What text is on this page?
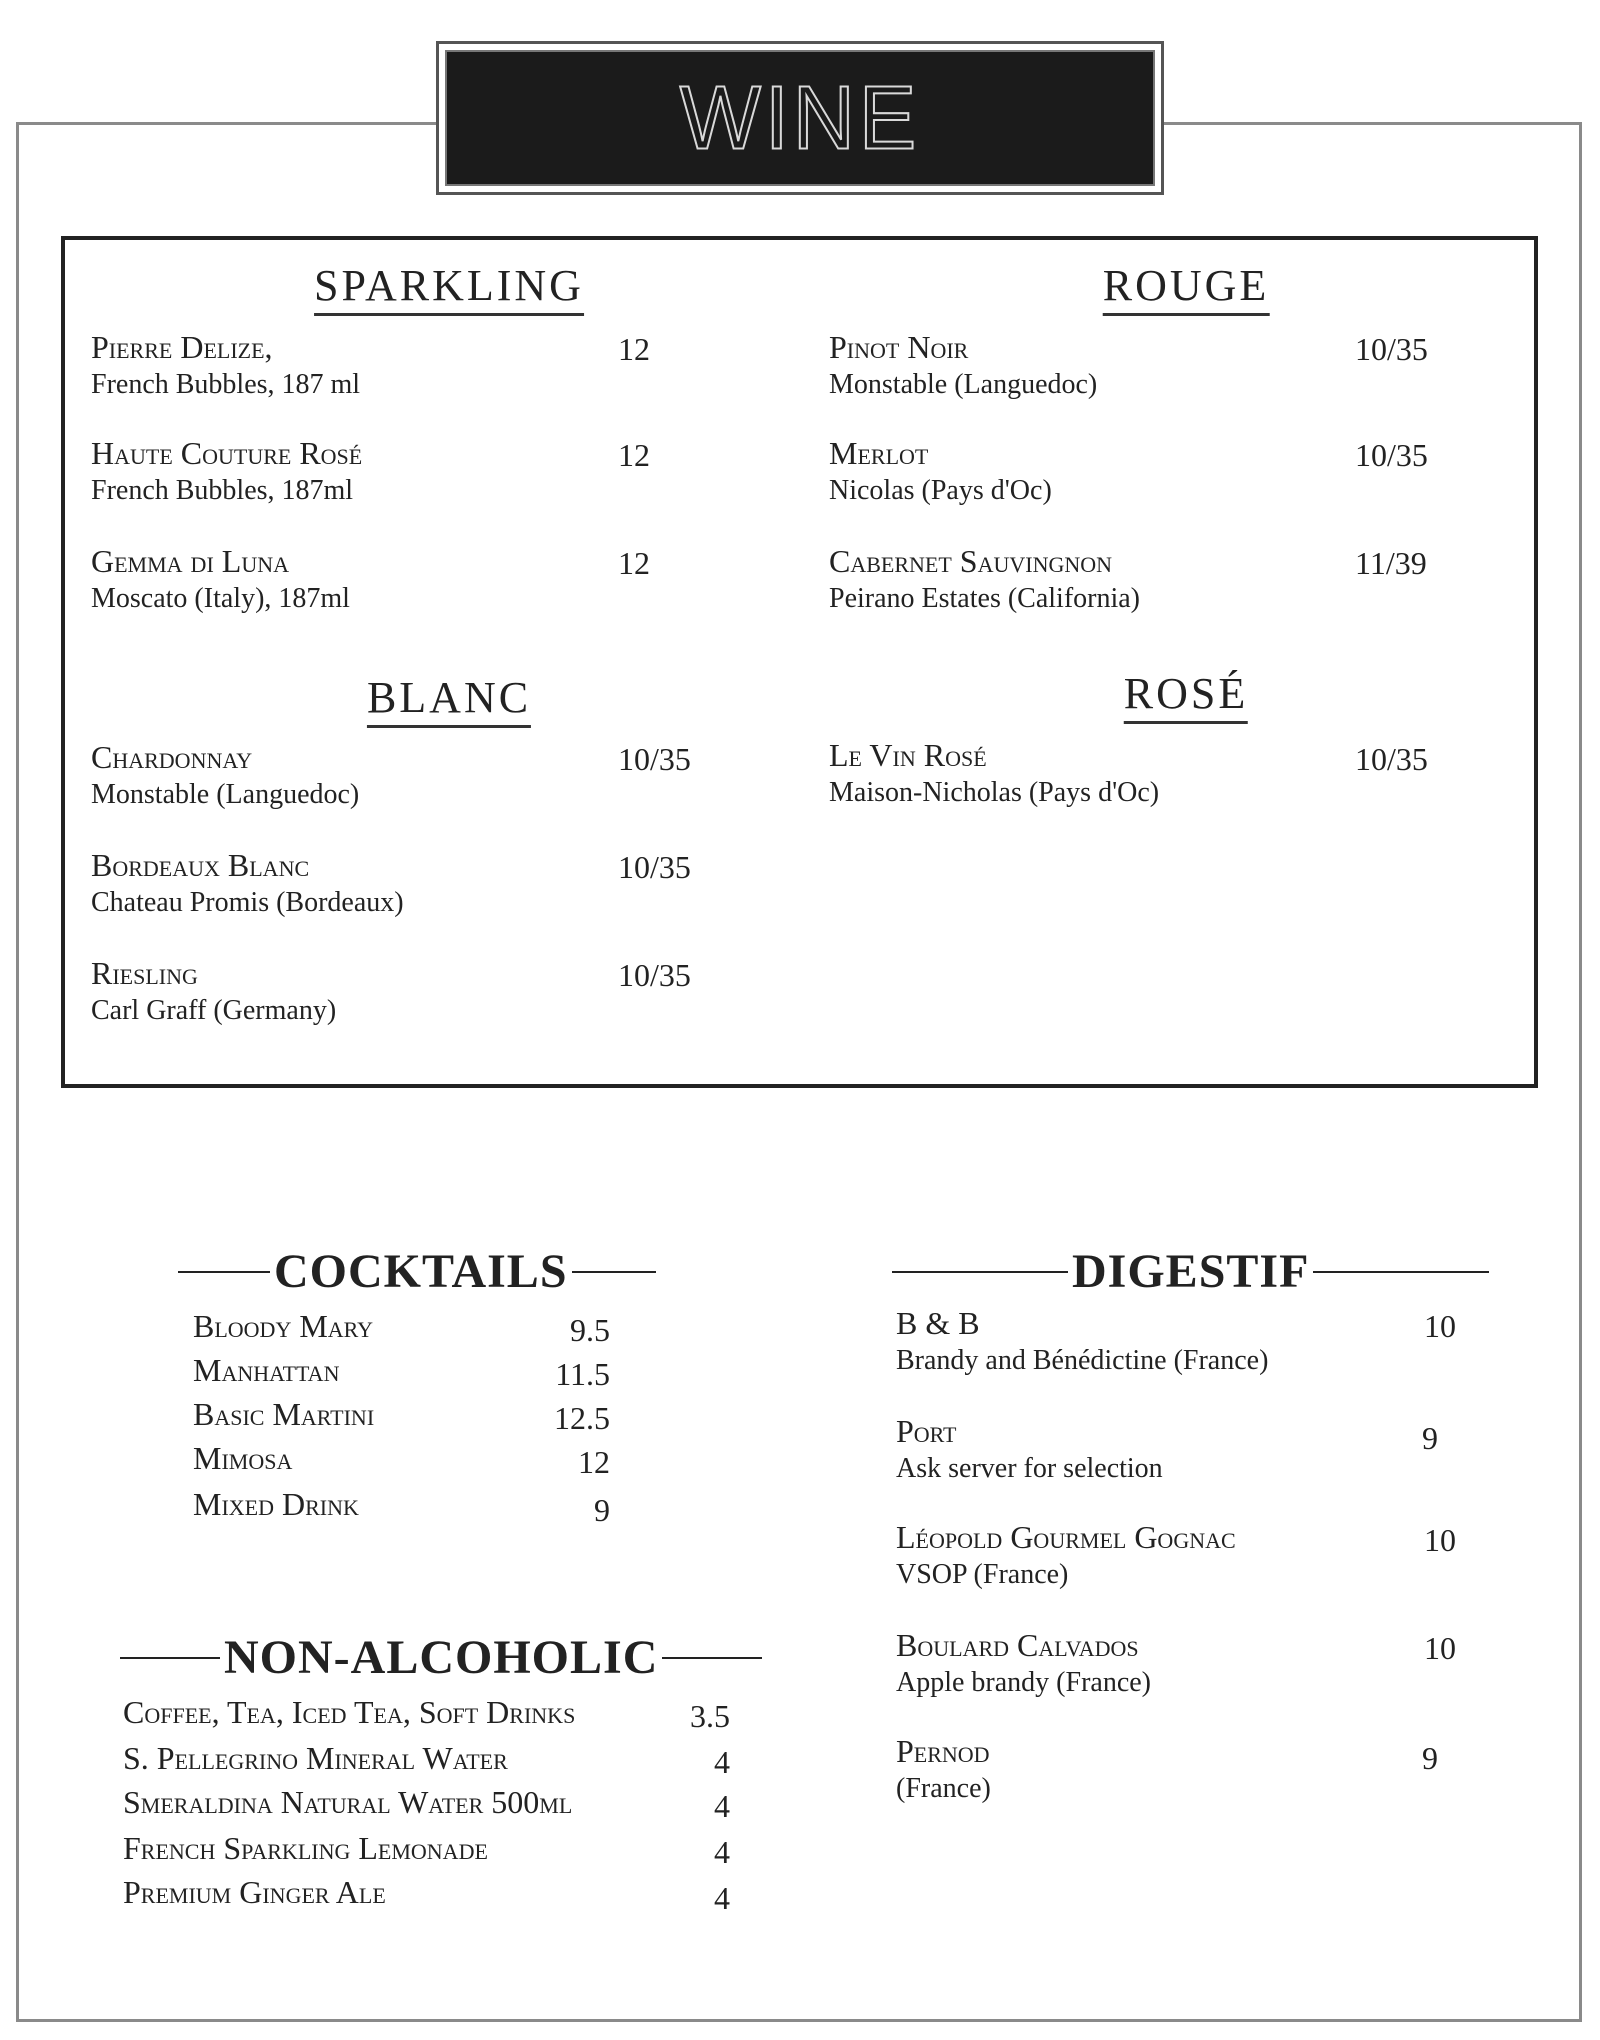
WINE
SPARKLING
Pierre Delize,
French Bubbles, 187 ml
12
Haute Couture Rosé
French Bubbles, 187ml
12
Gemma di Luna
Moscato (Italy), 187ml
12
ROUGE
Pinot Noir
Monstable (Languedoc)
10/35
Merlot
Nicolas (Pays d'Oc)
10/35
Cabernet Sauvingnon
Peirano Estates (California)
11/39
BLANC
Chardonnay
Monstable (Languedoc)
10/35
Bordeaux Blanc
Chateau Promis (Bordeaux)
10/35
Riesling
Carl Graff (Germany)
10/35
ROSÉ
Le Vin Rosé
Maison-Nicholas (Pays d'Oc)
10/35
COCKTAILS
Bloody Mary	9.5
Manhattan	11.5
Basic Martini	12.5
Mimosa	12
Mixed Drink	9
NON-ALCOHOLIC
Coffee, Tea, Iced Tea, Soft Drinks	3.5
S. Pellegrino Mineral Water	4
Smeraldina Natural Water 500ml	4
French Sparkling Lemonade	4
Premium Ginger Ale	4
DIGESTIF
B & B
Brandy and Bénédictine (France)
10
Port
Ask server for selection
9
Léopold Gourmel Gognac
VSOP (France)
10
Boulard Calvados
Apple brandy (France)
10
Pernod
(France)
9
